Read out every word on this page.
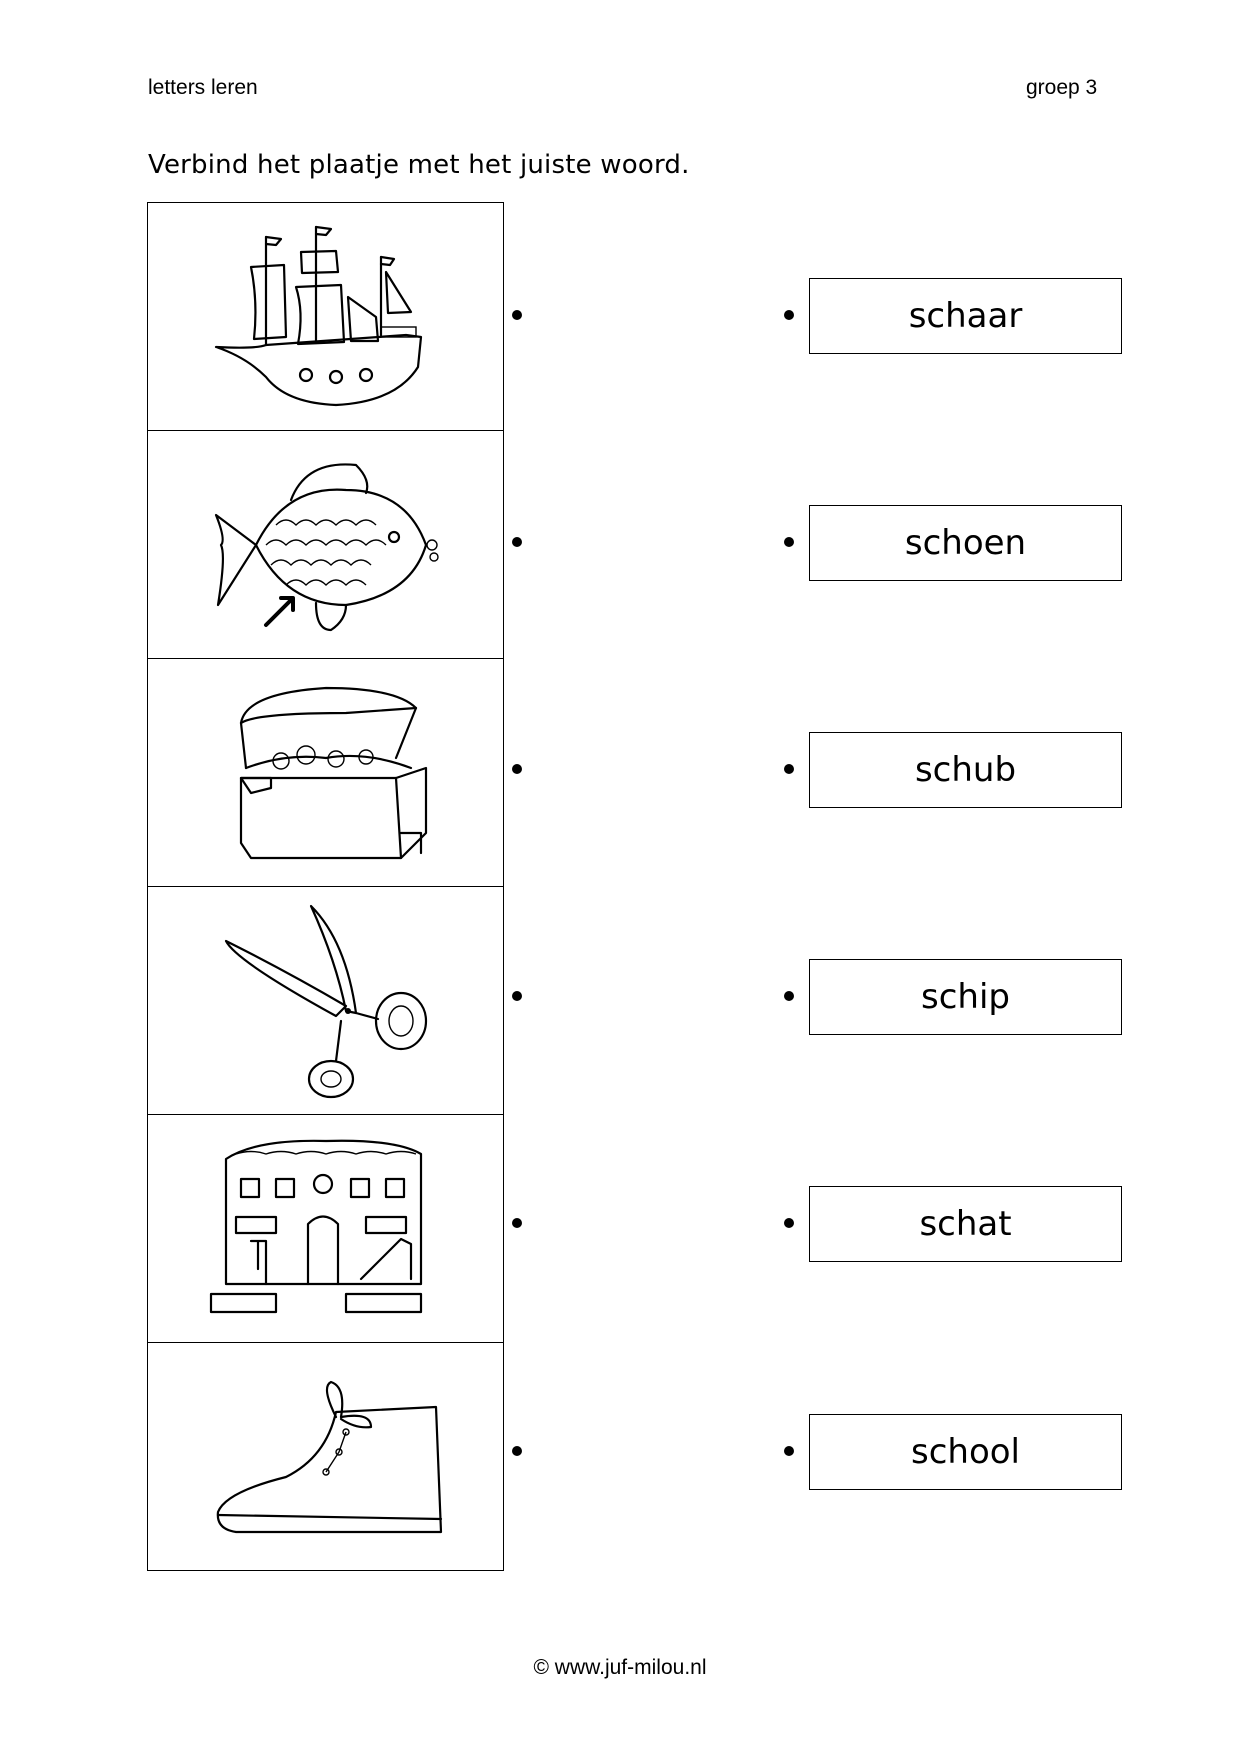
letters leren	groep 3
Verbind het plaatje met het juiste woord.
schaar
schoen
schub
schip
schat
school
© www.juf-milou.nl
